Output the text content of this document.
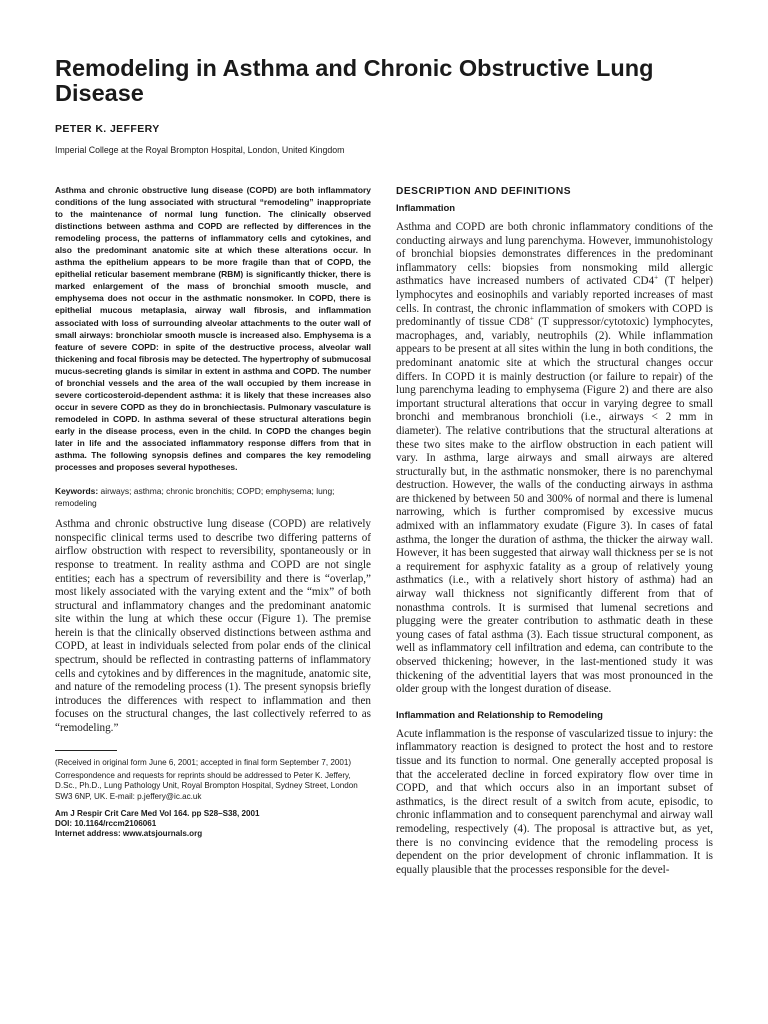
Remodeling in Asthma and Chronic Obstructive Lung Disease
PETER K. JEFFERY
Imperial College at the Royal Brompton Hospital, London, United Kingdom

Asthma and chronic obstructive lung disease (COPD) are both inflammatory conditions of the lung associated with structural “remodeling” inappropriate to the maintenance of normal lung function. The clinically observed distinctions between asthma and COPD are reflected by differences in the remodeling process, the patterns of inflammatory cells and cytokines, and also the predominant anatomic site at which these alterations occur. In asthma the epithelium appears to be more fragile than that of COPD, the epithelial reticular basement membrane (RBM) is significantly thicker, there is marked enlargement of the mass of bronchial smooth muscle, and emphysema does not occur in the asthmatic nonsmoker. In COPD, there is epithelial mucous metaplasia, airway wall fibrosis, and inflammation associated with loss of surrounding alveolar attachments to the outer wall of small airways: bronchiolar smooth muscle is increased also. Emphysema is a feature of severe COPD: in spite of the destructive process, alveolar wall thickening and focal fibrosis may be detected. The hypertrophy of submucosal mucus-secreting glands is similar in extent in asthma and COPD. The number of bronchial vessels and the area of the wall occupied by them increase in severe corticosteroid-dependent asthma: it is likely that these increases also occur in severe COPD as they do in bronchiectasis. Pulmonary vasculature is remodeled in COPD. In asthma several of these structural alterations begin early in the disease process, even in the child. In COPD the changes begin later in life and the associated inflammatory response differs from that in asthma. The following synopsis defines and compares the key remodeling processes and proposes several hypotheses.

Keywords: airways; asthma; chronic bronchitis; COPD; emphysema; lung; remodeling

Asthma and chronic obstructive lung disease (COPD) are relatively nonspecific clinical terms used to describe two differing patterns of airflow obstruction with respect to reversibility, spontaneously or in response to treatment. In reality asthma and COPD are not single entities; each has a spectrum of reversibility and there is “overlap,” most likely associated with the varying extent and the “mix” of both structural and inflammatory changes and the predominant anatomic site within the lung at which these occur (Figure 1). The premise herein is that the clinically observed distinctions between asthma and COPD, at least in individuals selected from polar ends of the clinical spectrum, should be reflected in contrasting patterns of inflammatory cells and cytokines and by differences in the magnitude, anatomic site, and nature of the remodeling process (1). The present synopsis briefly introduces the differences with respect to inflammation and then focuses on the structural changes, the last collectively referred to as “remodeling.”

(Received in original form June 6, 2001; accepted in final form September 7, 2001)

Correspondence and requests for reprints should be addressed to Peter K. Jeffery, D.Sc., Ph.D., Lung Pathology Unit, Royal Brompton Hospital, Sydney Street, London SW3 6NP, UK. E-mail: p.jeffery@ic.ac.uk

Am J Respir Crit Care Med Vol 164. pp S28–S38, 2001

DOI: 10.1164/rccm2106061

Internet address: www.atsjournals.org

DESCRIPTION AND DEFINITIONS
Inflammation

Asthma and COPD are both chronic inflammatory conditions of the conducting airways and lung parenchyma. However, immunohistology of bronchial biopsies demonstrates differences in the predominant inflammatory cells: biopsies from nonsmoking mild allergic asthmatics have increased numbers of activated CD4+ (T helper) lymphocytes and eosinophils and variably reported increases of mast cells. In contrast, the chronic inflammation of smokers with COPD is predominantly of tissue CD8+ (T suppressor/cytotoxic) lymphocytes, macrophages, and, variably, neutrophils (2). While inflammation appears to be present at all sites within the lung in both conditions, the predominant anatomic site at which the structural changes occur differs. In COPD it is mainly destruction (or failure to repair) of the lung parenchyma leading to emphysema (Figure 2) and there are also important structural alterations that occur in varying degree to small bronchi and membranous bronchioli (i.e., airways < 2 mm in diameter). The relative contributions that the structural alterations at these two sites make to the airflow obstruction in each patient will vary. In asthma, large airways and small airways are altered structurally but, in the asthmatic nonsmoker, there is no parenchymal destruction. However, the walls of the conducting airways in asthma are thickened by between 50 and 300% of normal and there is lumenal narrowing, which is further compromised by excessive mucus admixed with an inflammatory exudate (Figure 3). In cases of fatal asthma, the longer the duration of asthma, the thicker the airway wall. However, it has been suggested that airway wall thickness per se is not a requirement for asphyxic fatality as a group of relatively young asthmatics (i.e., with a relatively short history of asthma) had an airway wall thickness not significantly different from that of nonasthma controls. It is surmised that lumenal secretions and plugging were the greater contribution to asthmatic death in these young cases of fatal asthma (3). Each tissue structural component, as well as inflammatory cell infiltration and edema, can contribute to the observed thickening; however, in the last-mentioned study it was thickening of the adventitial layers that was most pronounced in the older group with the longest duration of disease.

Inflammation and Relationship to Remodeling

Acute inflammation is the response of vascularized tissue to injury: the inflammatory reaction is designed to protect the host and to restore tissue and its function to normal. One generally accepted proposal is that the accelerated decline in forced expiratory flow over time in COPD, and that which occurs also in an important subset of asthmatics, is the direct result of a switch from acute, episodic, to chronic inflammation and to consequent parenchymal and airway wall remodeling, respectively (4). The proposal is attractive but, as yet, there is no convincing evidence that the remodeling process is dependent on the prior development of chronic inflammation. It is equally plausible that the processes responsible for the devel-
